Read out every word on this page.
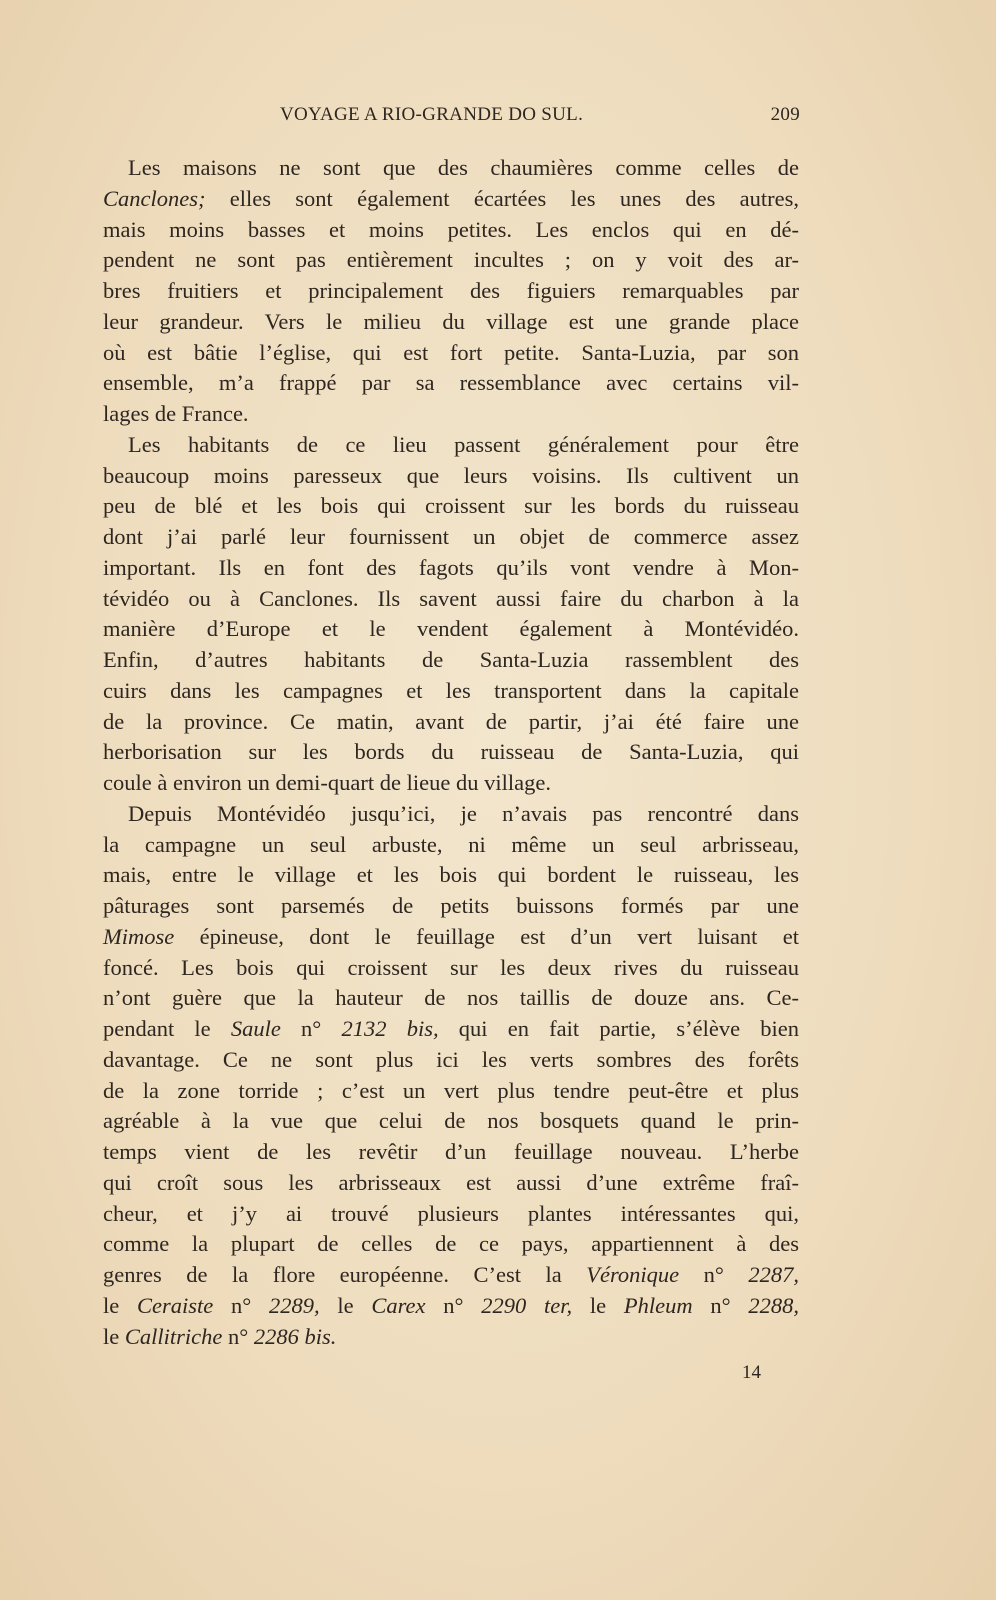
VOYAGE A RIO-GRANDE DO SUL.	209
Les maisons ne sont que des chaumières comme celles de
Canclones; elles sont également écartées les unes des autres,
mais moins basses et moins petites. Les enclos qui en dé-
pendent ne sont pas entièrement incultes ; on y voit des ar-
bres fruitiers et principalement des figuiers remarquables par
leur grandeur. Vers le milieu du village est une grande place
où est bâtie l’église, qui est fort petite. Santa-Luzia, par son
ensemble, m’a frappé par sa ressemblance avec certains vil-
lages de France.
Les habitants de ce lieu passent généralement pour être
beaucoup moins paresseux que leurs voisins. Ils cultivent un
peu de blé et les bois qui croissent sur les bords du ruisseau
dont j’ai parlé leur fournissent un objet de commerce assez
important. Ils en font des fagots qu’ils vont vendre à Mon-
tévidéo ou à Canclones. Ils savent aussi faire du charbon à la
manière d’Europe et le vendent également à Montévidéo.
Enfin, d’autres habitants de Santa-Luzia rassemblent des
cuirs dans les campagnes et les transportent dans la capitale
de la province. Ce matin, avant de partir, j’ai été faire une
herborisation sur les bords du ruisseau de Santa-Luzia, qui
coule à environ un demi-quart de lieue du village.
Depuis Montévidéo jusqu’ici, je n’avais pas rencontré dans
la campagne un seul arbuste, ni même un seul arbrisseau,
mais, entre le village et les bois qui bordent le ruisseau, les
pâturages sont parsemés de petits buissons formés par une
Mimose épineuse, dont le feuillage est d’un vert luisant et
foncé. Les bois qui croissent sur les deux rives du ruisseau
n’ont guère que la hauteur de nos taillis de douze ans. Ce-
pendant le Saule n° 2132 bis, qui en fait partie, s’élève bien
davantage. Ce ne sont plus ici les verts sombres des forêts
de la zone torride ; c’est un vert plus tendre peut-être et plus
agréable à la vue que celui de nos bosquets quand le prin-
temps vient de les revêtir d’un feuillage nouveau. L’herbe
qui croît sous les arbrisseaux est aussi d’une extrême fraî-
cheur, et j’y ai trouvé plusieurs plantes intéressantes qui,
comme la plupart de celles de ce pays, appartiennent à des
genres de la flore européenne. C’est la Véronique n° 2287,
le Ceraiste n° 2289, le Carex n° 2290 ter, le Phleum n° 2288,
le Callitriche n° 2286 bis.
14
